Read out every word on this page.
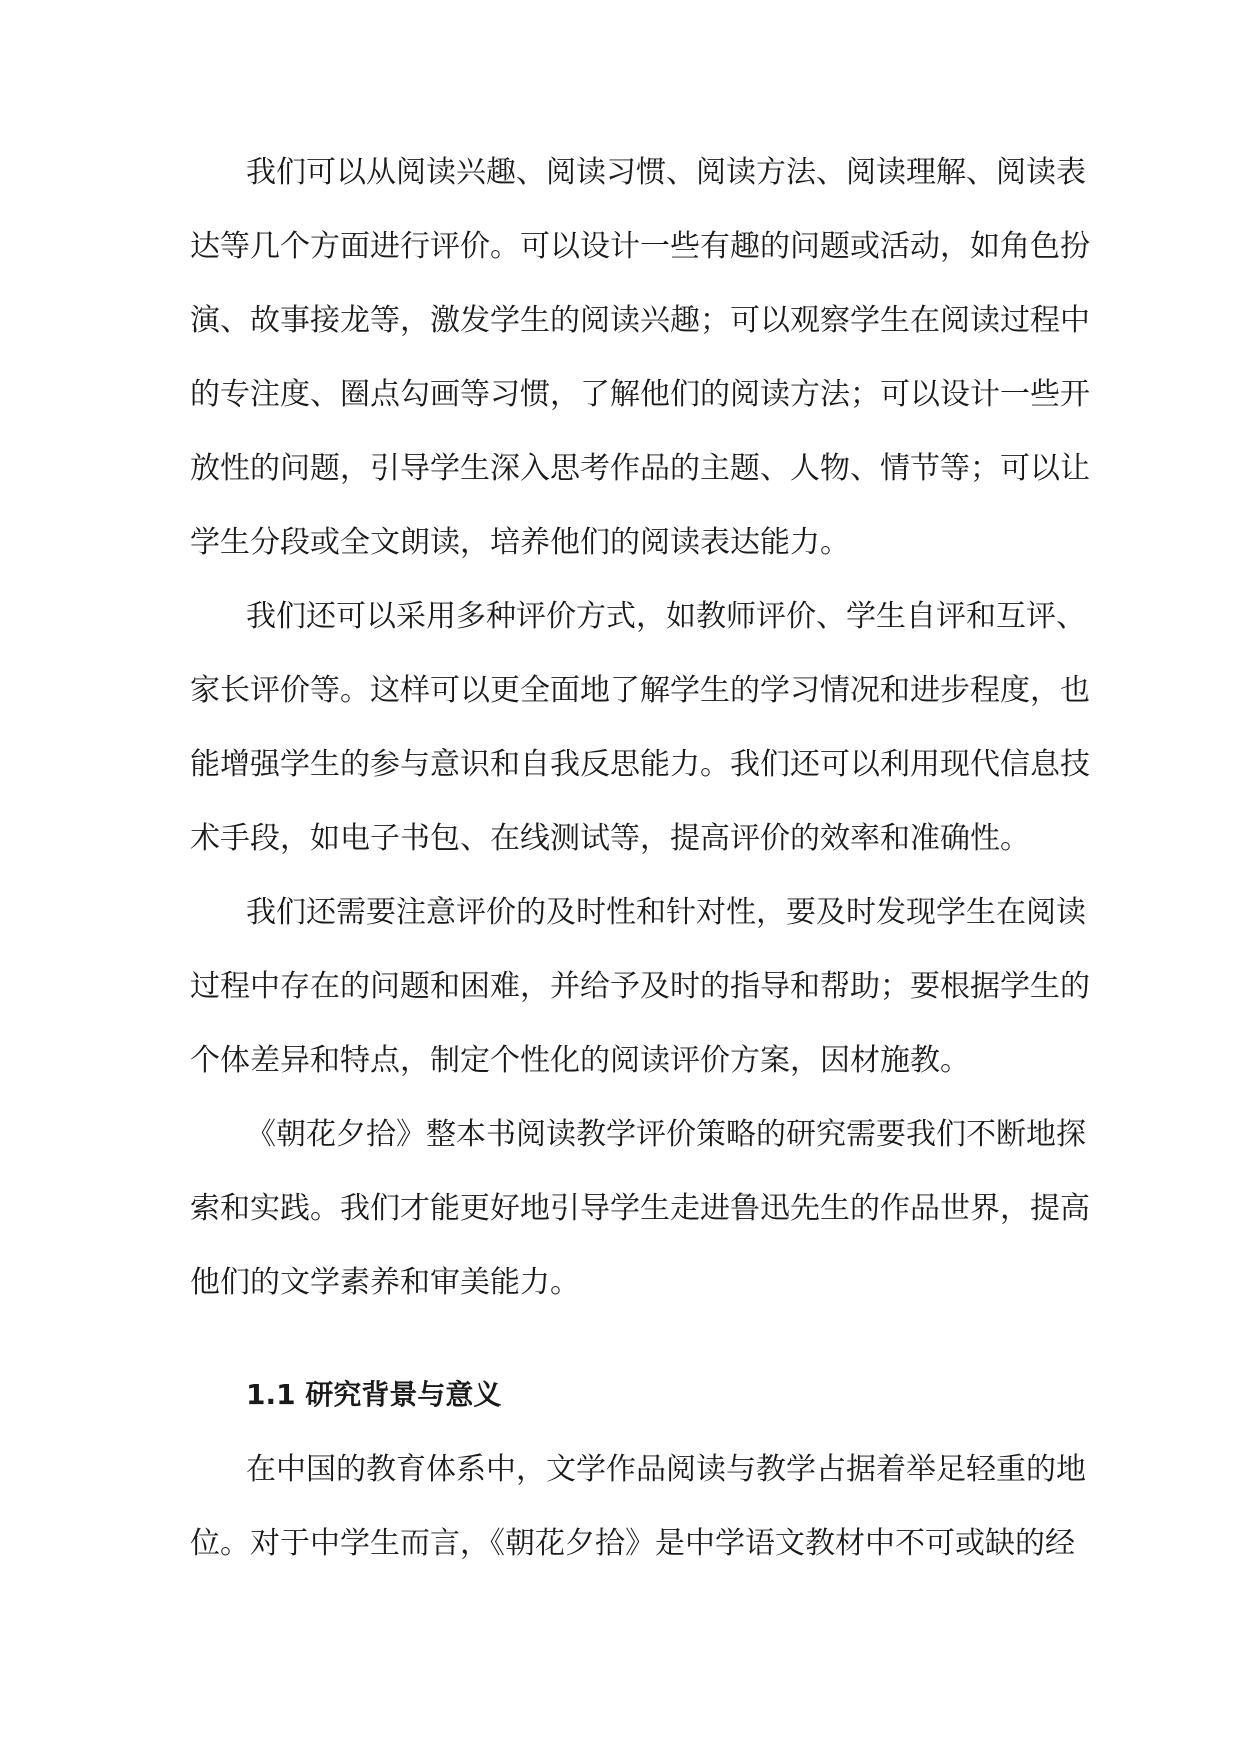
我们可以从阅读兴趣、阅读习惯、阅读方法、阅读理解、阅读表
达等几个方面进行评价。可以设计一些有趣的问题或活动，如角色扮
演、故事接龙等，激发学生的阅读兴趣；可以观察学生在阅读过程中
的专注度、圈点勾画等习惯，了解他们的阅读方法；可以设计一些开
放性的问题，引导学生深入思考作品的主题、人物、情节等；可以让
学生分段或全文朗读，培养他们的阅读表达能力。
我们还可以采用多种评价方式，如教师评价、学生自评和互评、
家长评价等。这样可以更全面地了解学生的学习情况和进步程度，也
能增强学生的参与意识和自我反思能力。我们还可以利用现代信息技
术手段，如电子书包、在线测试等，提高评价的效率和准确性。
我们还需要注意评价的及时性和针对性，要及时发现学生在阅读
过程中存在的问题和困难，并给予及时的指导和帮助；要根据学生的
个体差异和特点，制定个性化的阅读评价方案，因材施教。
《朝花夕拾》整本书阅读教学评价策略的研究需要我们不断地探
索和实践。我们才能更好地引导学生走进鲁迅先生的作品世界，提高
他们的文学素养和审美能力。
1.1 研究背景与意义
在中国的教育体系中，文学作品阅读与教学占据着举足轻重的地
位。对于中学生而言，《朝花夕拾》是中学语文教材中不可或缺的经
